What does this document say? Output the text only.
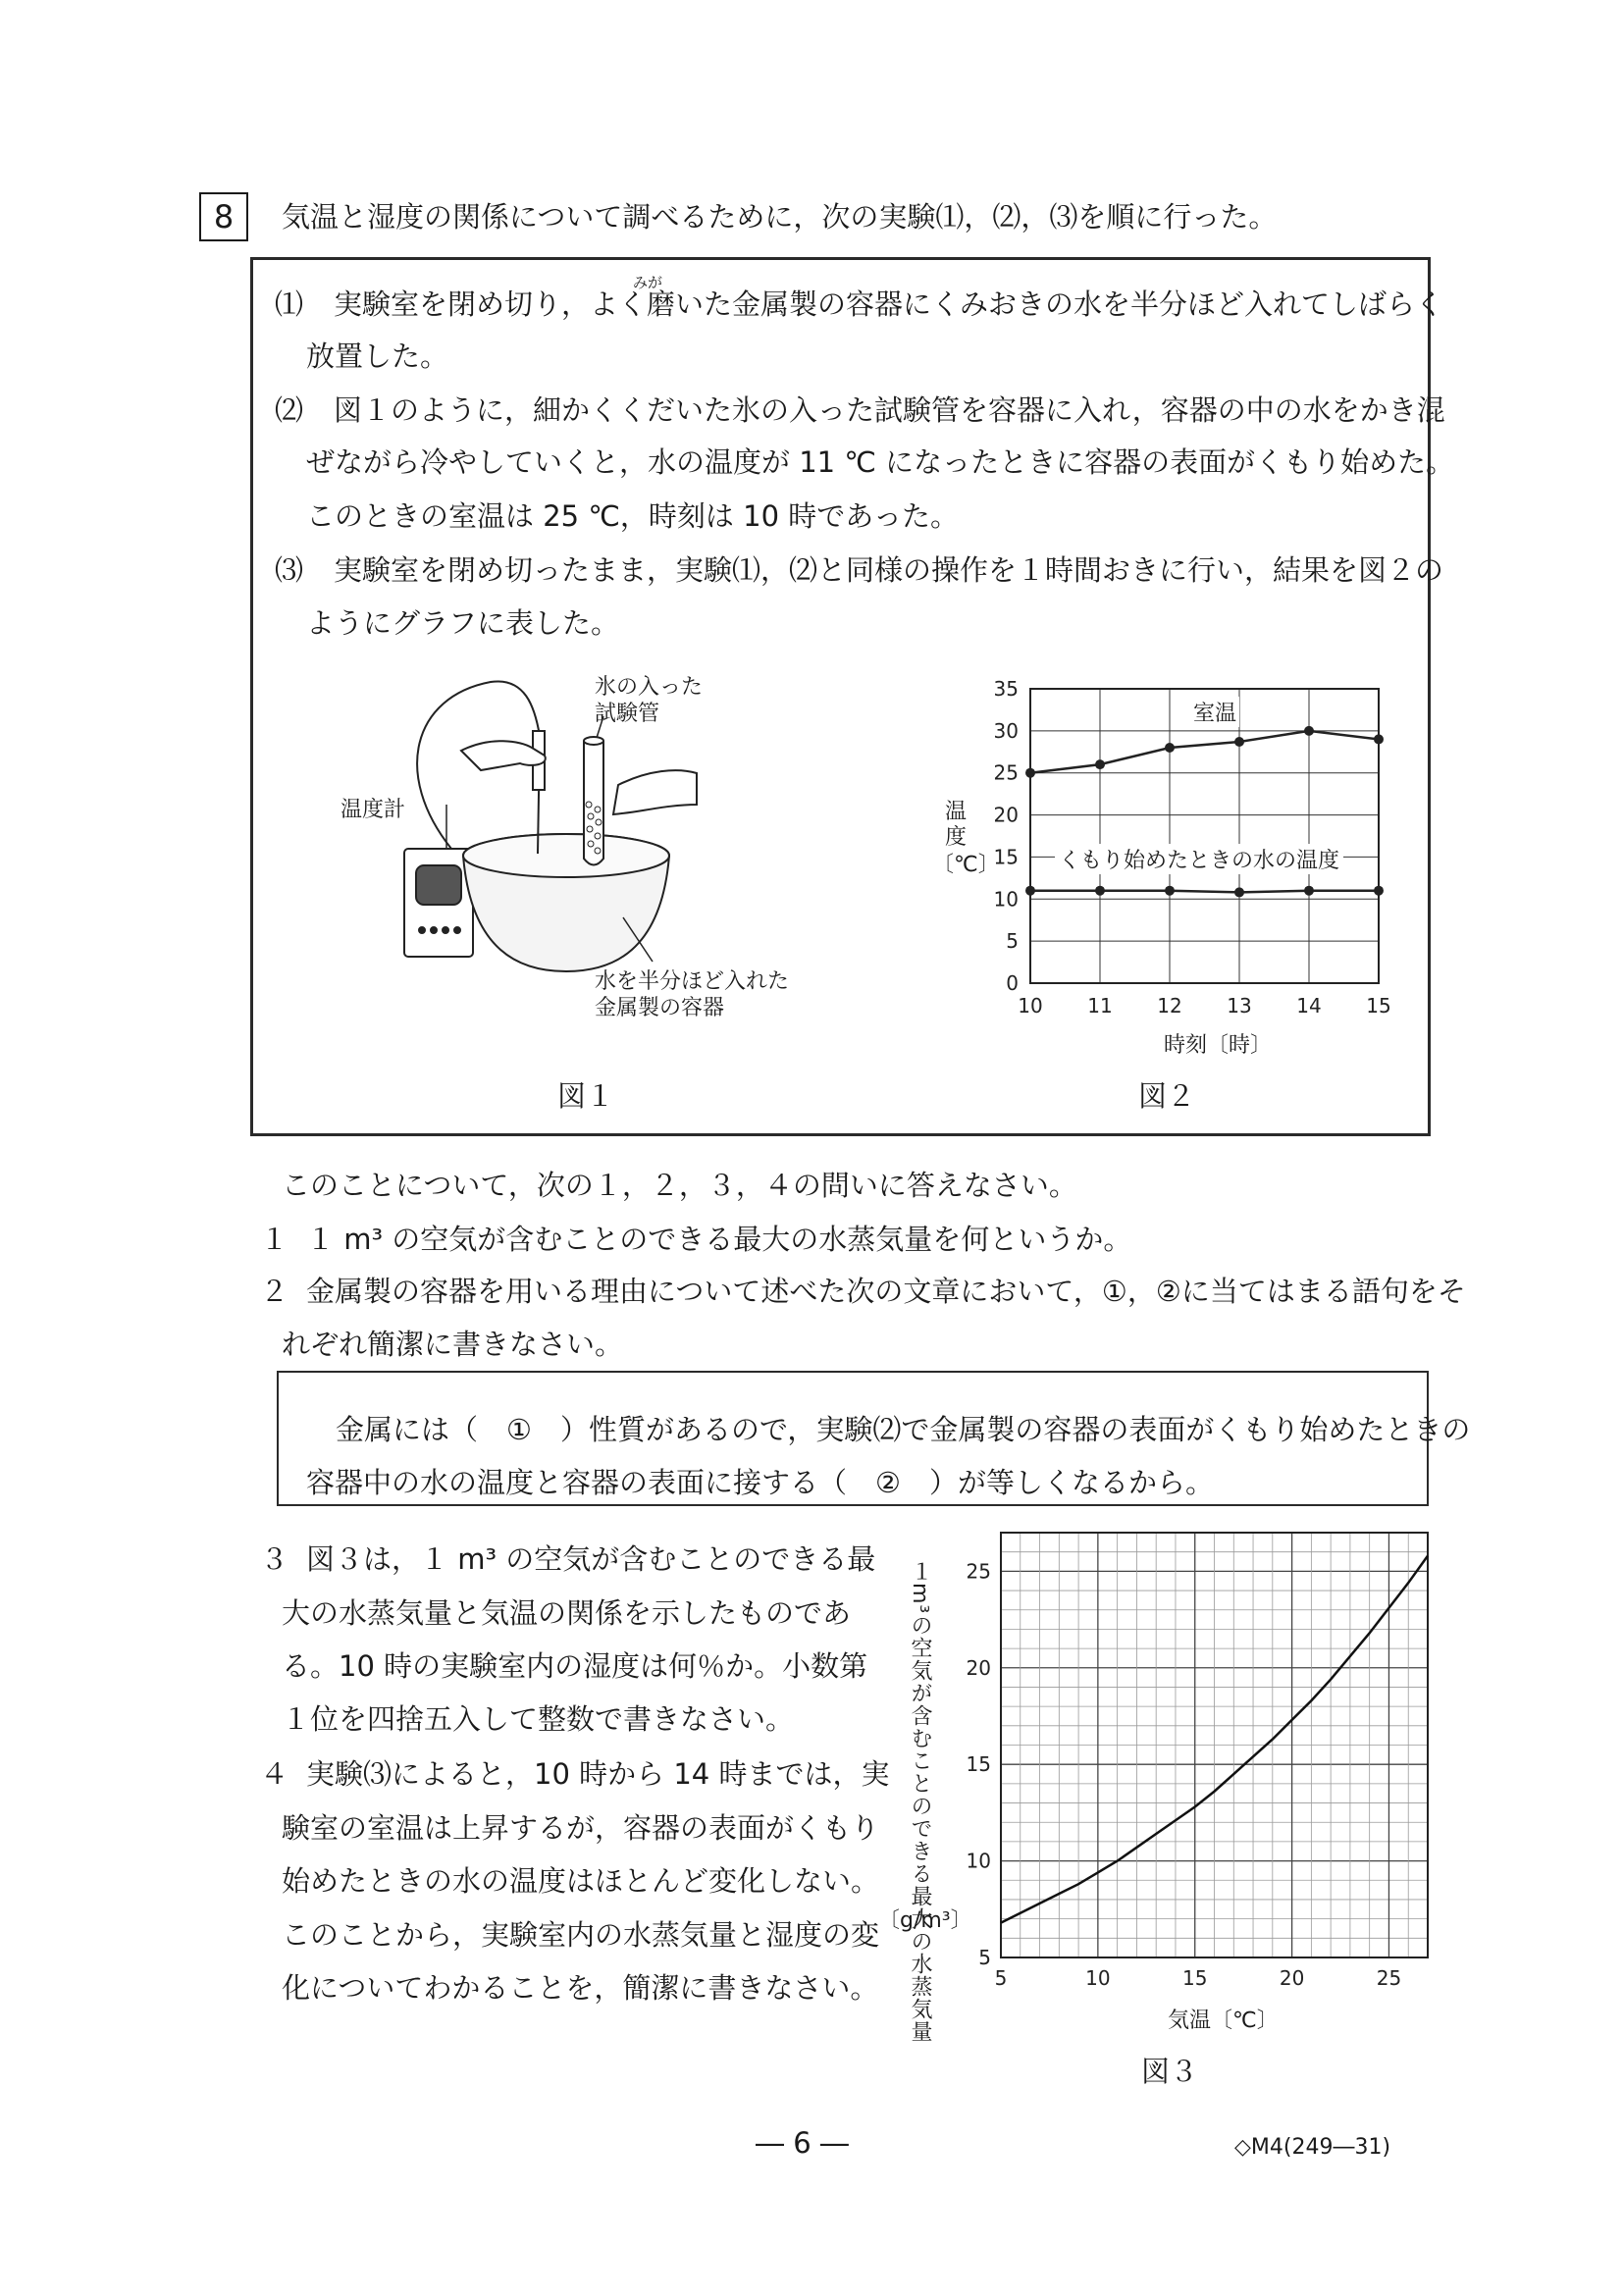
8	気温と湿度の関係について調べるために，次の実験⑴，⑵，⑶を順に行った。
みが
⑴ 実験室を閉め切り，よく磨いた金属製の容器にくみおきの水を半分ほど入れてしばらく
放置した。
⑵ 図１のように，細かくくだいた氷の入った試験管を容器に入れ，容器の中の水をかき混
ぜながら冷やしていくと，水の温度が 11 ℃ になったときに容器の表面がくもり始めた。
このときの室温は 25 ℃，時刻は 10 時であった。
⑶ 実験室を閉め切ったまま，実験⑴，⑵と同様の操作を１時間おきに行い，結果を図２の
ようにグラフに表した。
氷の入った
試験管
温度計
水を半分ほど入れた
金属製の容器
図１
0
5
10
15
20
25
30
35
10 11 12 13 14 15
温
度
〔℃〕
時刻〔時〕
室温
くもり始めたときの水の温度
図２
このことについて，次の１，２，３，４の問いに答えなさい。
１ １ m³ の空気が含むことのできる最大の水蒸気量を何というか。
２ 金属製の容器を用いる理由について述べた次の文章において，①，②に当てはまる語句をそ
れぞれ簡潔に書きなさい。
金属には（　①　）性質があるので，実験⑵で金属製の容器の表面がくもり始めたときの
容器中の水の温度と容器の表面に接する（　②　）が等しくなるから。
３ 図３は，１ m³ の空気が含むことのできる最
大の水蒸気量と気温の関係を示したものであ
る。10 時の実験室内の湿度は何％か。小数第
１位を四捨五入して整数で書きなさい。
４ 実験⑶によると，10 時から 14 時までは，実
験室の室温は上昇するが，容器の表面がくもり
始めたときの水の温度はほとんど変化しない。
このことから，実験室内の水蒸気量と湿度の変
化についてわかることを，簡潔に書きなさい。 １m³の空気が含むことのできる最大の水蒸気量
〔g/m³〕
5
10
15
20
25
5	10	15	20	25
気温〔℃〕
図３
― 6 ―	◇M4(249―31)
